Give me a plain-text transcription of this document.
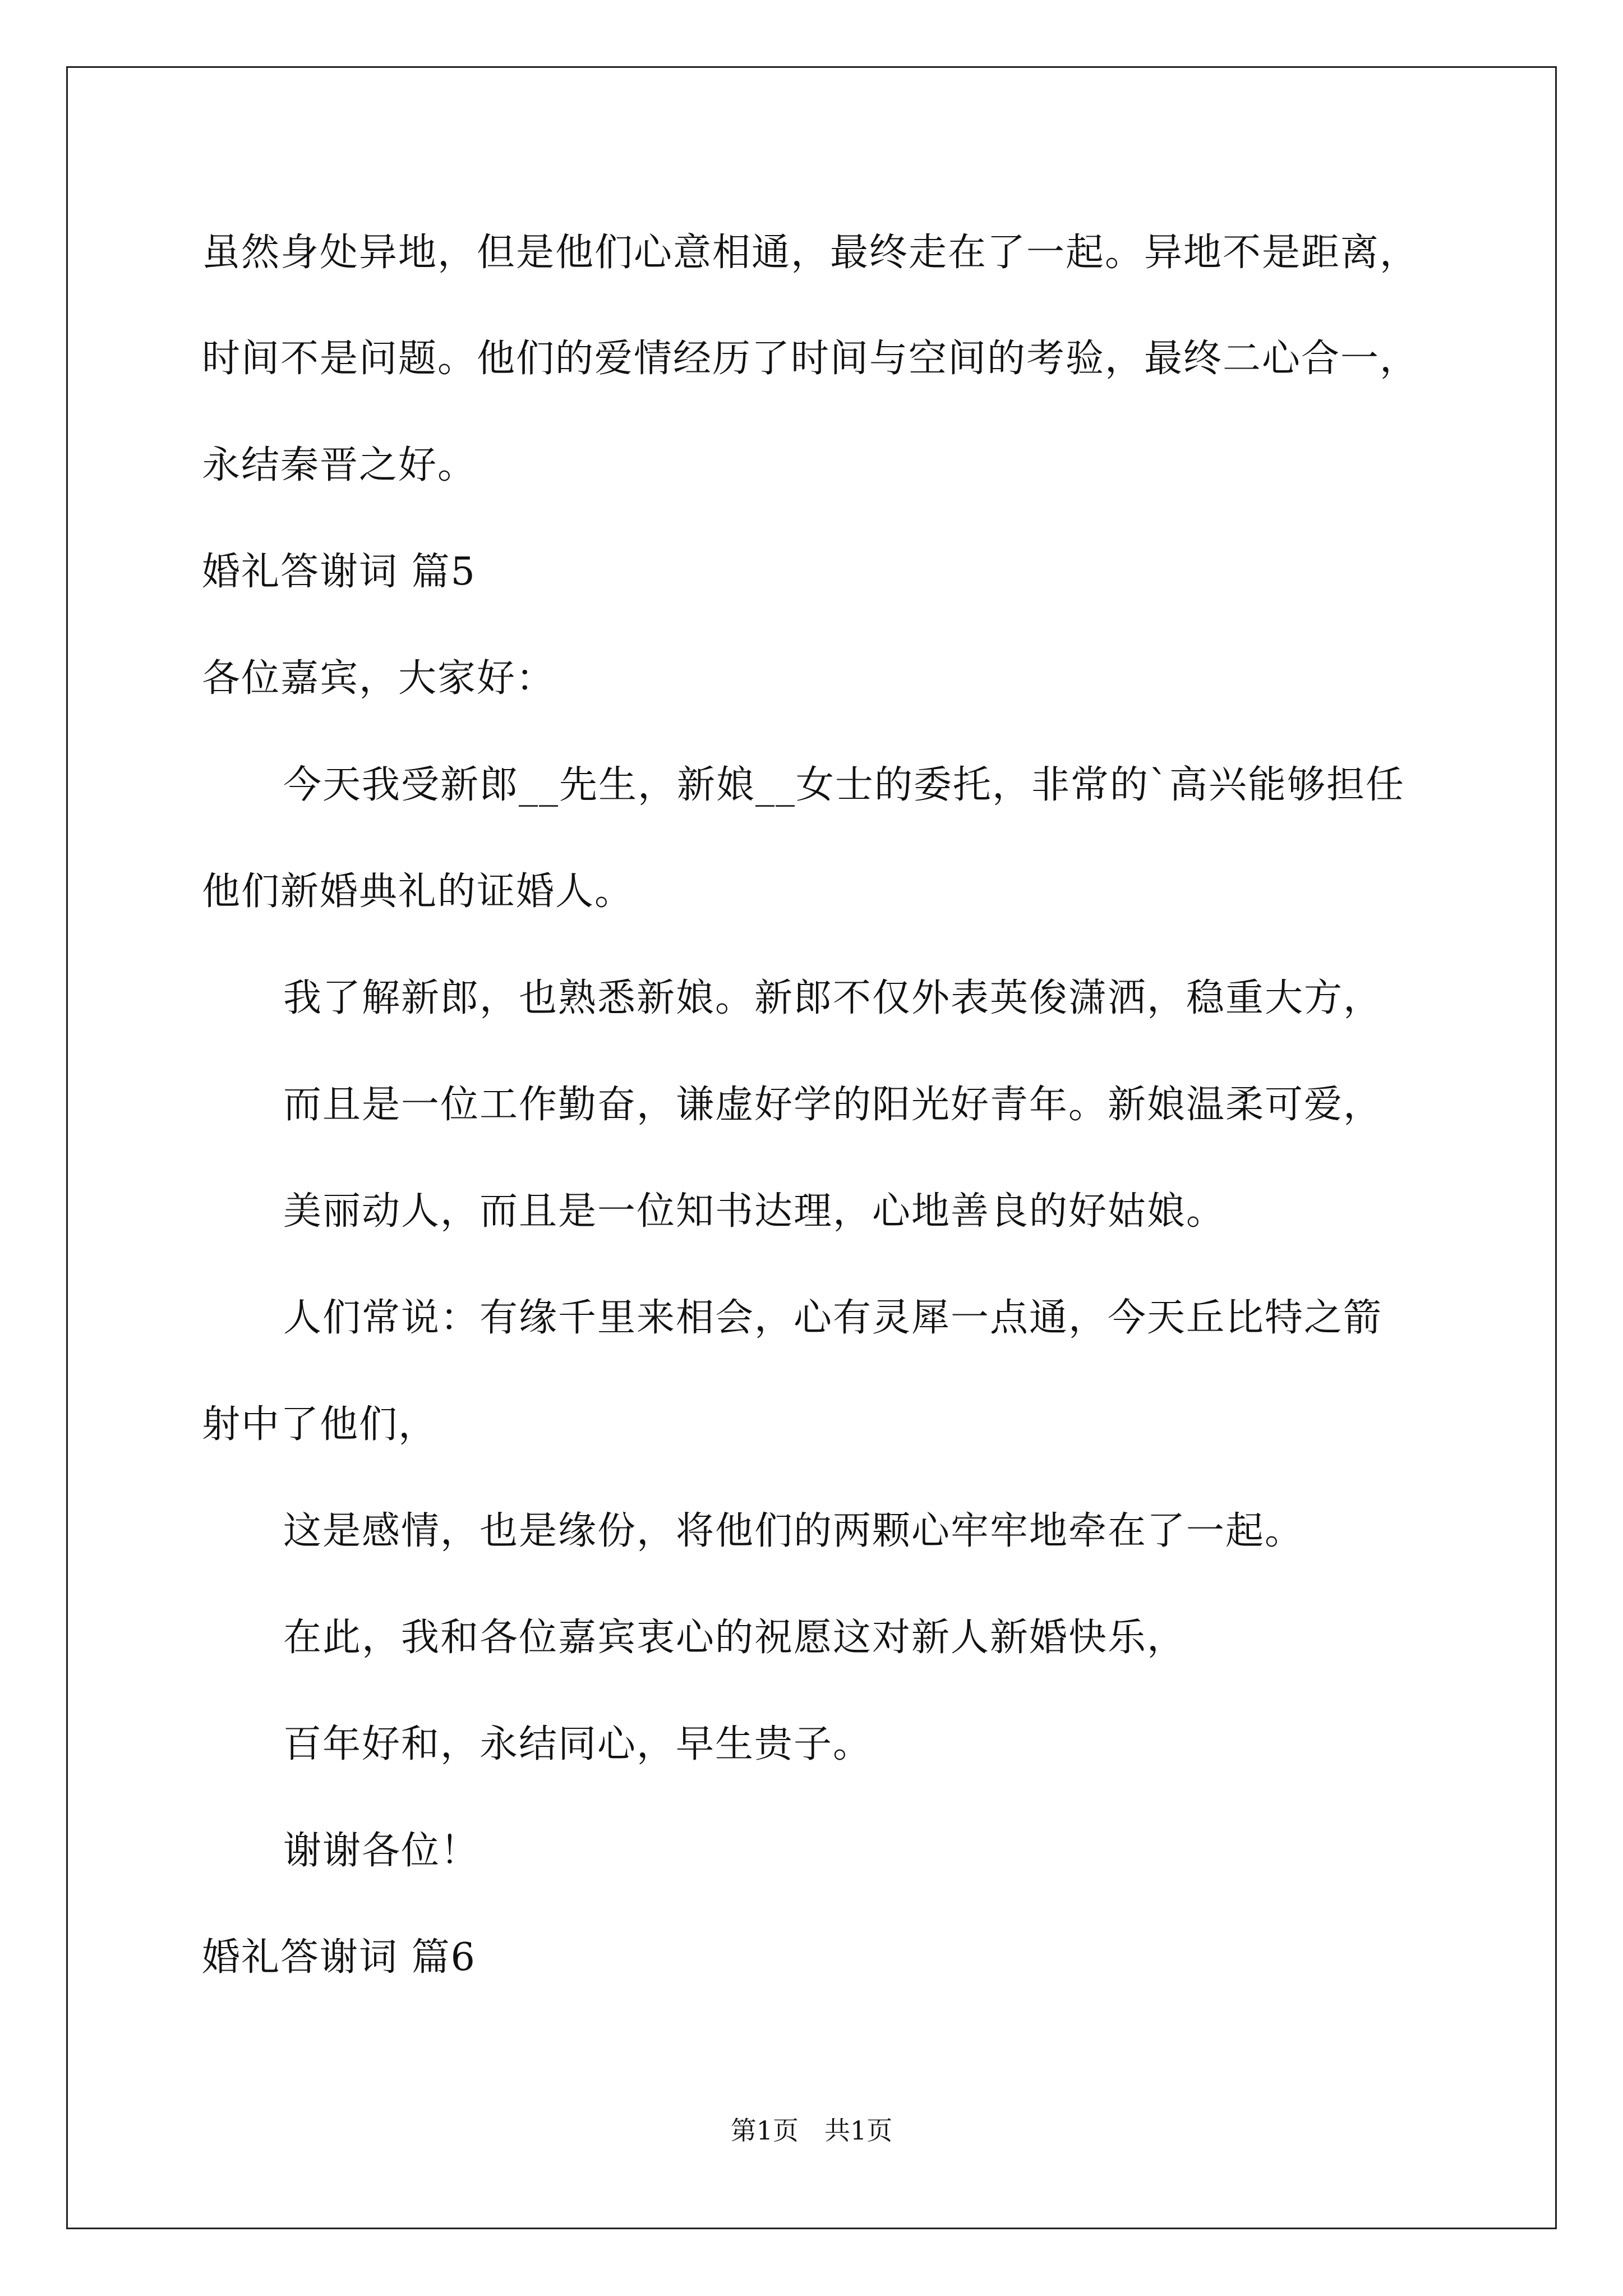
虽然身处异地，但是他们心意相通，最终走在了一起。异地不是距离，
时间不是问题。他们的爱情经历了时间与空间的考验，最终二心合一，
永结秦晋之好。
婚礼答谢词 篇5
各位嘉宾，大家好：
今天我受新郎__先生，新娘__女士的委托，非常的`高兴能够担任
他们新婚典礼的证婚人。
我了解新郎，也熟悉新娘。新郎不仅外表英俊潇洒，稳重大方，
而且是一位工作勤奋，谦虚好学的阳光好青年。新娘温柔可爱，
美丽动人，而且是一位知书达理，心地善良的好姑娘。
人们常说：有缘千里来相会，心有灵犀一点通，今天丘比特之箭
射中了他们，
这是感情，也是缘份，将他们的两颗心牢牢地牵在了一起。
在此，我和各位嘉宾衷心的祝愿这对新人新婚快乐，
百年好和，永结同心，早生贵子。
谢谢各位！
婚礼答谢词 篇6
第1页　共1页
